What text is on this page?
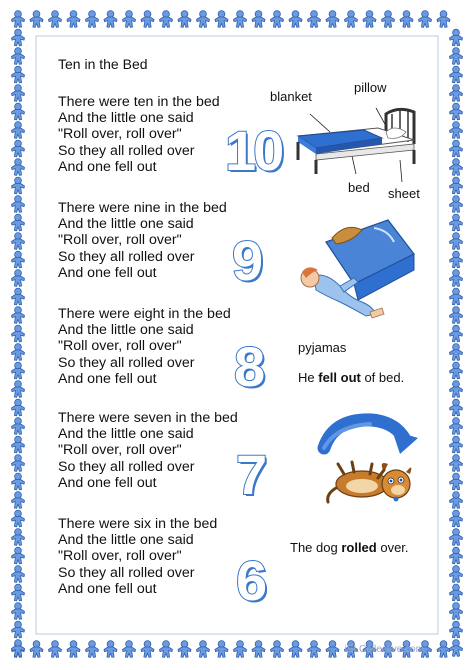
Ten in the Bed
There were ten in the bed
And the little one said
"Roll over, roll over"
So they all rolled over
And one fell out
There were nine in the bed
And the little one said
"Roll over, roll over"
So they all rolled over
And one fell out
There were eight in the bed
And the little one said
"Roll over, roll over"
So they all rolled over
And one fell out
There were seven in the bed
And the little one said
"Roll over, roll over"
So they all rolled over
And one fell out
There were six in the bed
And the little one said
"Roll over, roll over"
So they all rolled over
And one fell out
10
9
8
7
6
blanket
pillow
bed sheet
pyjamas
He fell out of bed.
The dog rolled over.
iSLCollective.com
